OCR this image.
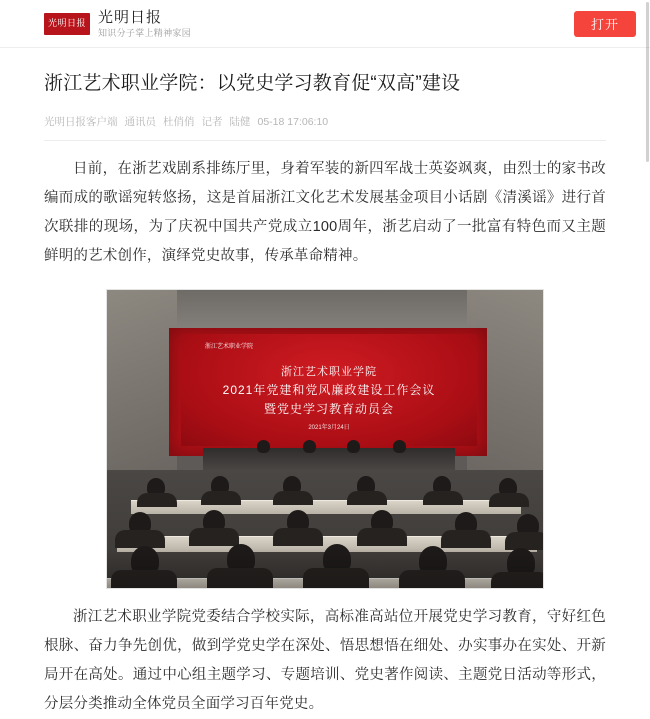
光明日报 光明日报
知识分子掌上精神家园
打开
浙江艺术职业学院：以党史学习教育促“双高”建设
光明日报客户端 通讯员 杜俏俏 记者 陆健 05-18 17:06:10

日前，在浙艺戏剧系排练厅里，身着军装的新四军战士英姿飒爽，由烈士的家书改编而成的歌谣宛转悠扬，这是首届浙江文化艺术发展基金项目小话剧《清溪谣》进行首次联排的现场，为了庆祝中国共产党成立100周年，浙艺启动了一批富有特色而又主题鲜明的艺术创作，演绎党史故事，传承革命精神。

浙江艺术职业学院
浙江艺术职业学院
2021年党建和党风廉政建设工作会议
暨党史学习教育动员会
2021年3月24日

浙江艺术职业学院党委结合学校实际，高标准高站位开展党史学习教育，守好红色根脉、奋力争先创优，做到学党史学在深处、悟思想悟在细处、办实事办在实处、开新局开在高处。通过中心组主题学习、专题培训、党史著作阅读、主题党日活动等形式，分层分类推动全体党员全面学习百年党史。
